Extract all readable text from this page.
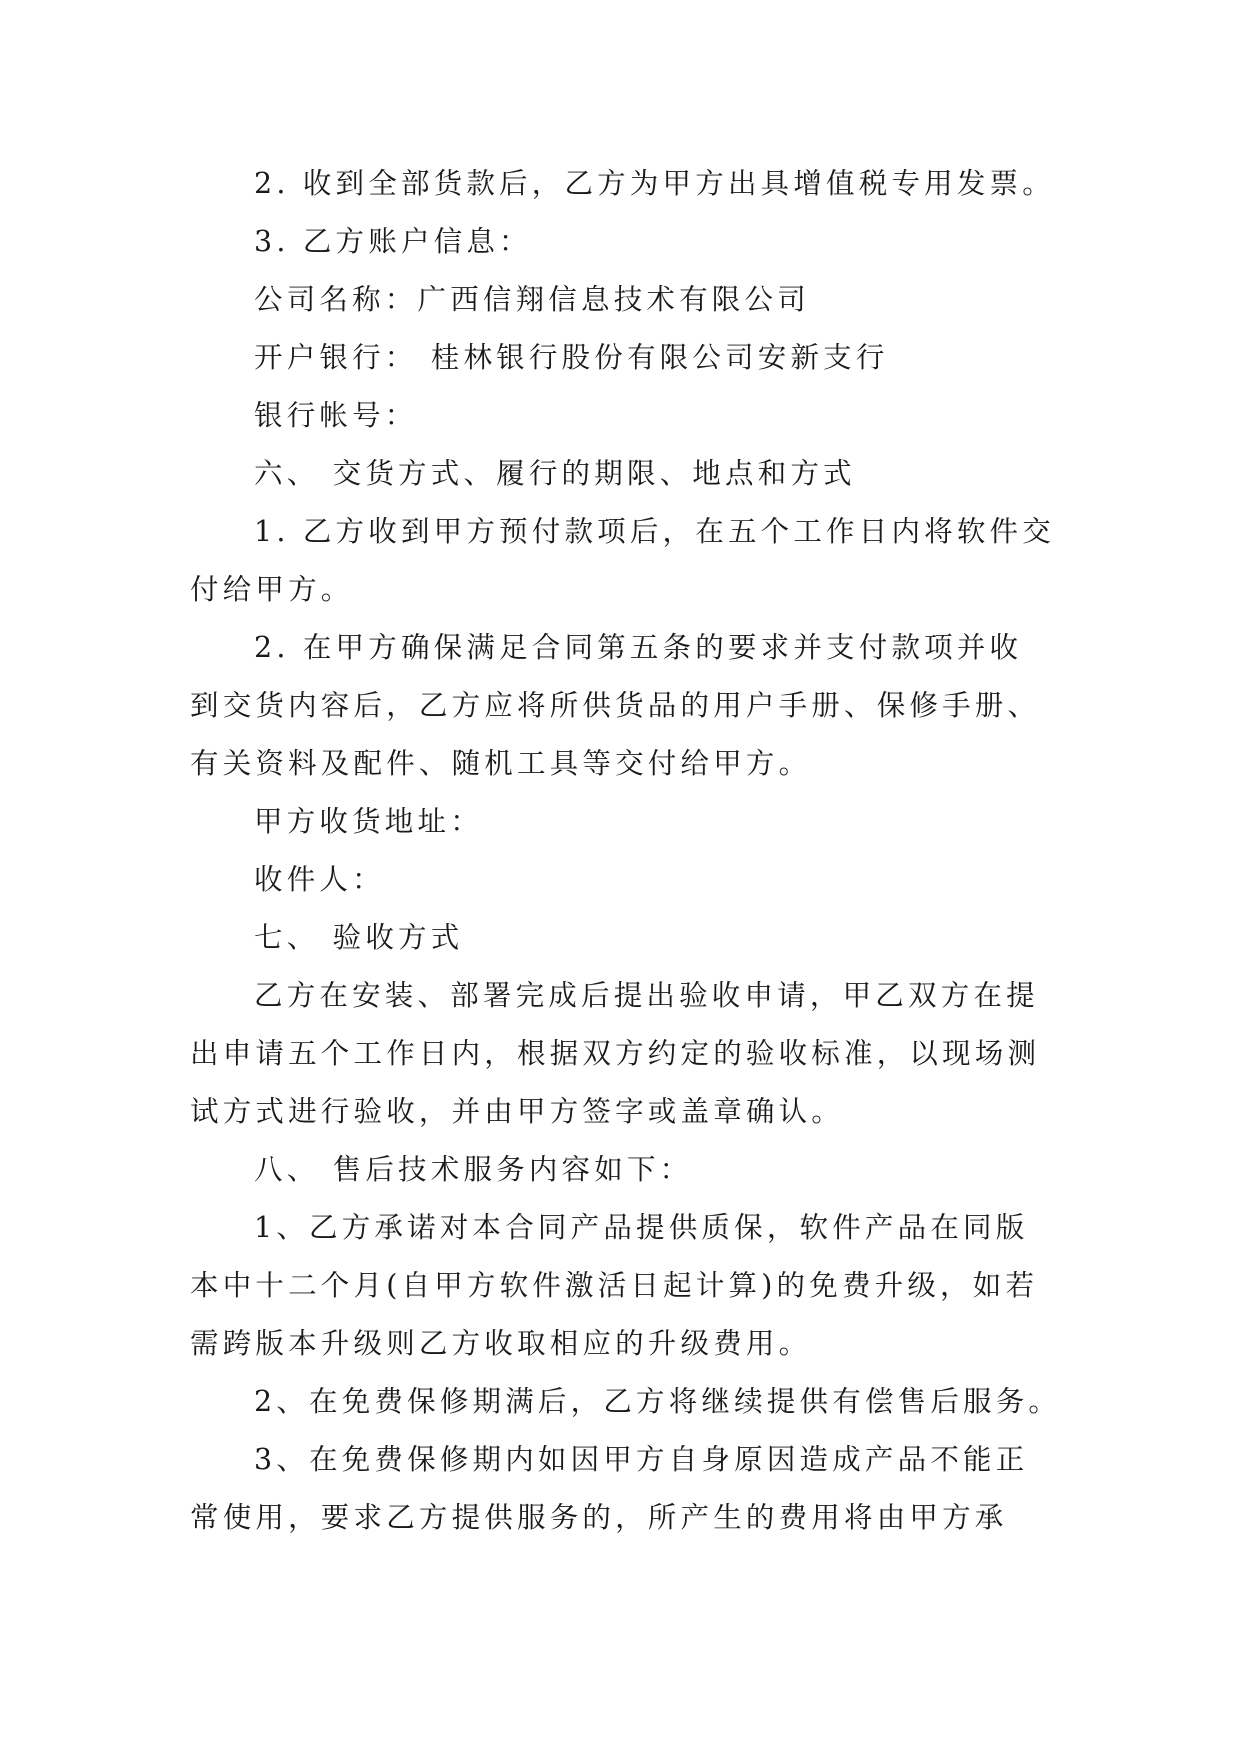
2. 收到全部货款后，乙方为甲方出具增值税专用发票。
3. 乙方账户信息：
公司名称：广西信翔信息技术有限公司
开户银行： 桂林银行股份有限公司安新支行
银行帐号：
六、 交货方式、履行的期限、地点和方式
1. 乙方收到甲方预付款项后，在五个工作日内将软件交
付给甲方。
2. 在甲方确保满足合同第五条的要求并支付款项并收
到交货内容后，乙方应将所供货品的用户手册、保修手册、
有关资料及配件、随机工具等交付给甲方。
甲方收货地址：
收件人：
七、 验收方式
乙方在安装、部署完成后提出验收申请，甲乙双方在提
出申请五个工作日内，根据双方约定的验收标准，以现场测
试方式进行验收，并由甲方签字或盖章确认。
八、 售后技术服务内容如下：
1、乙方承诺对本合同产品提供质保，软件产品在同版
本中十二个月(自甲方软件激活日起计算)的免费升级，如若
需跨版本升级则乙方收取相应的升级费用。
2、在免费保修期满后，乙方将继续提供有偿售后服务。
3、在免费保修期内如因甲方自身原因造成产品不能正
常使用，要求乙方提供服务的，所产生的费用将由甲方承
